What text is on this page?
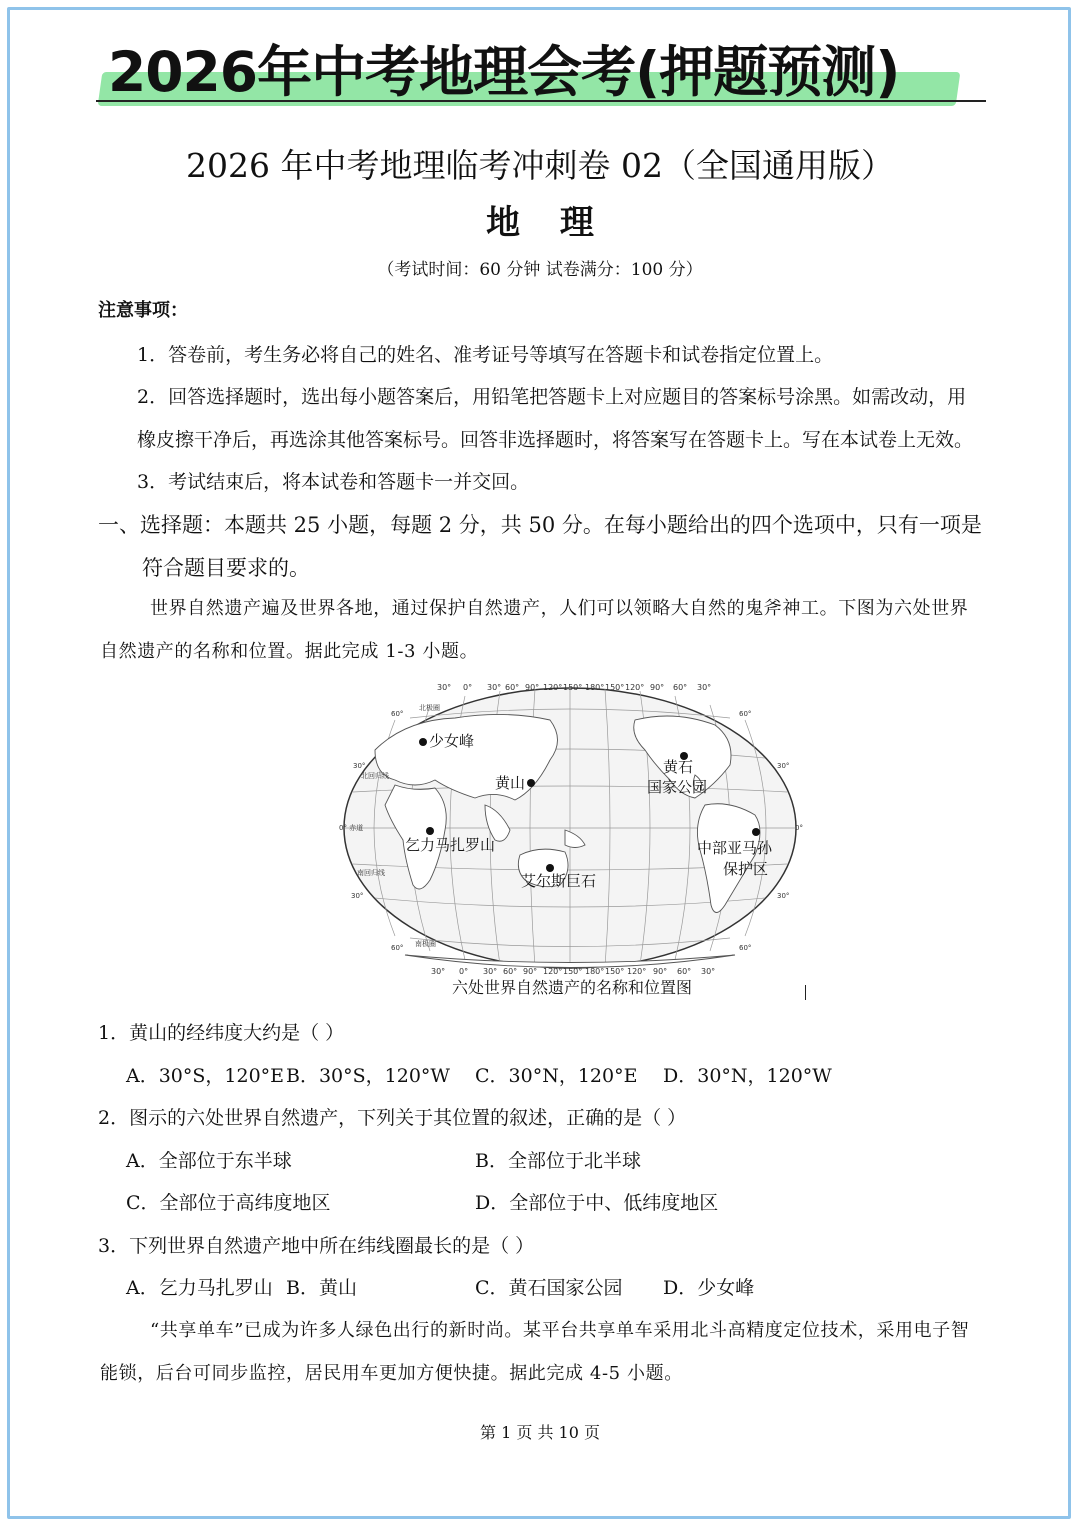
2026年中考地理会考(押题预测)
2026 年中考地理临考冲刺卷 02（全国通用版）
地 理
（考试时间：60 分钟 试卷满分：100 分）
注意事项：
1．答卷前，考生务必将自己的姓名、准考证号等填写在答题卡和试卷指定位置上。
2．回答选择题时，选出每小题答案后，用铅笔把答题卡上对应题目的答案标号涂黑。如需改动，用
橡皮擦干净后，再选涂其他答案标号。回答非选择题时，将答案写在答题卡上。写在本试卷上无效。
3．考试结束后，将本试卷和答题卡一并交回。
一、选择题：本题共 25 小题，每题 2 分，共 50 分。在每小题给出的四个选项中，只有一项是
符合题目要求的。
世界自然遗产遍及世界各地，通过保护自然遗产，人们可以领略大自然的鬼斧神工。下图为六处世界
自然遗产的名称和位置。据此完成 1-3 小题。
六处世界自然遗产的名称和位置图
30° 0° 30° 60° 90° 120° 150° 180° 150° 120° 90° 60° 30°
30° 0° 30° 60° 90° 120° 150° 180° 150° 120° 90° 60° 30°
北极圈
60°
30°
北回归线
0° 赤道
南回归线
30°
60° 南极圈
60°
30°
0°
30°
60°
少女峰
黄山
黄石
国家公园
乞力马扎罗山	中部亚马孙
保护区
艾尔斯巨石
1．黄山的经纬度大约是（ ）
A．30°S，120°E B．30°S，120°W C．30°N，120°E D．30°N，120°W
2．图示的六处世界自然遗产，下列关于其位置的叙述，正确的是（ ）
A．全部位于东半球	B．全部位于北半球
C．全部位于高纬度地区	D．全部位于中、低纬度地区
3．下列世界自然遗产地中所在纬线圈最长的是（ ）
A．乞力马扎罗山 B．黄山	C．黄石国家公园 D．少女峰
“共享单车”已成为许多人绿色出行的新时尚。某平台共享单车采用北斗高精度定位技术，采用电子智
能锁，后台可同步监控，居民用车更加方便快捷。据此完成 4-5 小题。
第 1 页 共 10 页
